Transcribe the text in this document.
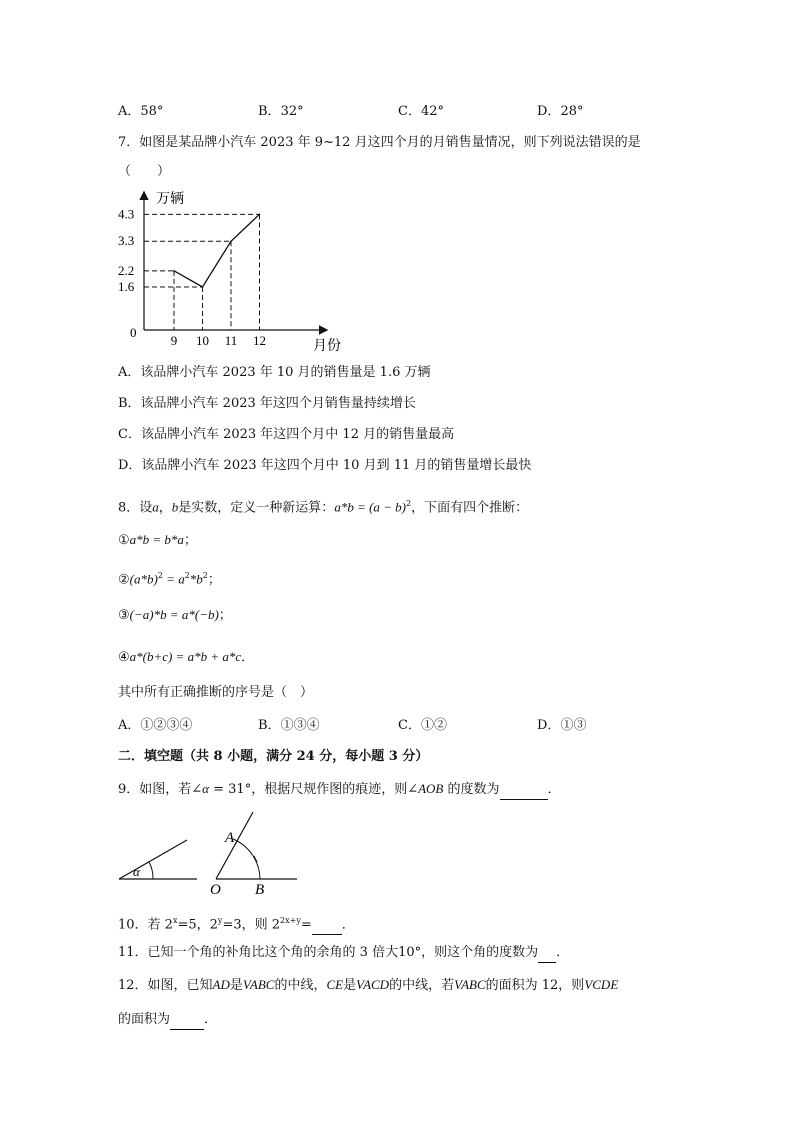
A．58°	B．32°	C．42°	D．28°
7．如图是某品牌小汽车 2023 年 9~12 月这四个月的月销售量情况，则下列说法错误的是
（　　）
万辆
月份
0
2.2
1.6
3.3
4.3
9 10 11 12
A．该品牌小汽车 2023 年 10 月的销售量是 1.6 万辆
B．该品牌小汽车 2023 年这四个月销售量持续增长
C．该品牌小汽车 2023 年这四个月中 12 月的销售量最高
D．该品牌小汽车 2023 年这四个月中 10 月到 11 月的销售量增长最快
8．设a，b是实数，定义一种新运算：$a*b = (a - b)^2$，下面有四个推断：
①a*b = b*a；
$②(a*b)^2 = a^2*b^2$；
③(−a)*b = a*(−b)；
④a*(b+c) = a*b + a*c．
其中所有正确推断的序号是（　）
A．①②③④	B．①③④	C．①②	D．①③
二．填空题（共 8 小题，满分 24 分，每小题 3 分）
9．如图，若∠α = 31°，根据尺规作图的痕迹，则∠AOB 的度数为	．
α
A
O B
10．若 $2^x=5$，$2^y=3$，则 $2^{2x+y}=$ ．
11．已知一个角的补角比这个角的余角的 3 倍大10°，则这个角的度数为 ．
12．如图，已知AD是VABC的中线，CE是VACD的中线，若VABC的面积为 12，则VCDE
的面积为	．
